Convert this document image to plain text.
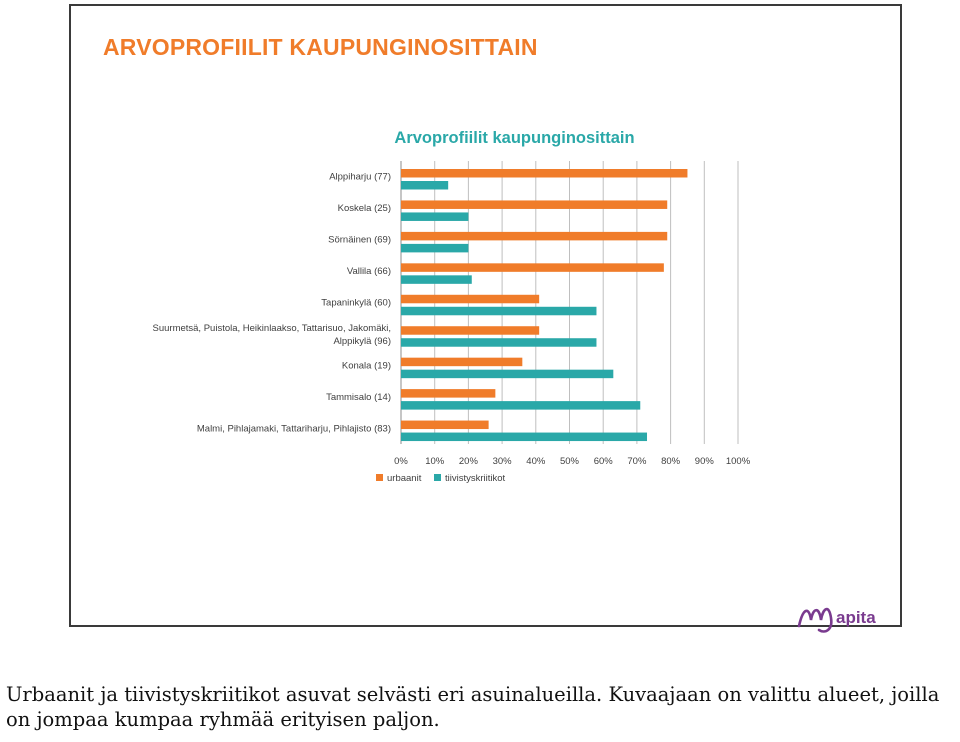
ARVOPROFIILIT KAUPUNGINOSITTAIN
Arvoprofiilit kaupunginosittain
0% 10% 20% 30% 40% 50% 60% 70% 80% 90% 100%
Alppiharju (77)
Koskela (25)
Sörnäinen (69)
Vallila (66)
Tapaninkylä (60)
Suurmetsä, Puistola, Heikinlaakso, Tattarisuo, Jakomäki,
Alppikylä (96)
Konala (19)
Tammisalo (14)
Malmi, Pihlajamaki, Tattariharju, Pihlajisto (83)
urbaanit tiivistyskriitikot
apita

Urbaanit ja tiivistyskriitikot asuvat selvästi eri asuinalueilla. Kuvaajaan on valittu alueet, joilla on jompaa kumpaa ryhmää erityisen paljon.
